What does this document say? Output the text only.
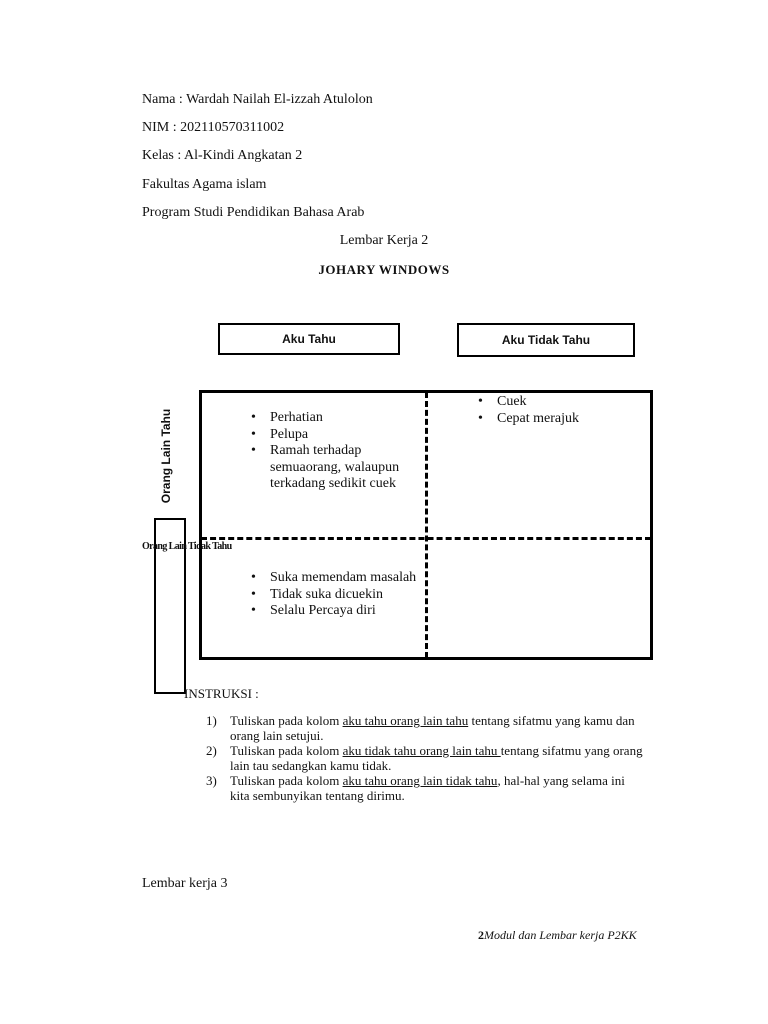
Nama : Wardah Nailah El-izzah Atulolon
NIM : 202110570311002
Kelas : Al-Kindi Angkatan 2
Fakultas Agama islam
Program Studi Pendidikan Bahasa Arab
Lembar Kerja 2
JOHARY WINDOWS
Aku Tahu	Aku Tidak Tahu
Orang Lain Tahu
Orang Lain Tidak Tahu
• Perhatian
• Pelupa
• Ramah terhadap semuaorang, walaupun terkadang sedikit cuek
• Cuek
• Cepat merajuk
• Suka memendam masalah
• Tidak suka dicuekin
• Selalu Percaya diri
INSTRUKSI :
1) Tuliskan pada kolom aku tahu orang lain tahu tentang sifatmu yang kamu dan orang lain setujui.
2) Tuliskan pada kolom aku tidak tahu orang lain tahu tentang sifatmu yang orang lain tau sedangkan kamu tidak.
3) Tuliskan pada kolom aku tahu orang lain tidak tahu, hal-hal yang selama ini kita sembunyikan tentang dirimu.
Lembar kerja 3
2Modul dan Lembar kerja P2KK
